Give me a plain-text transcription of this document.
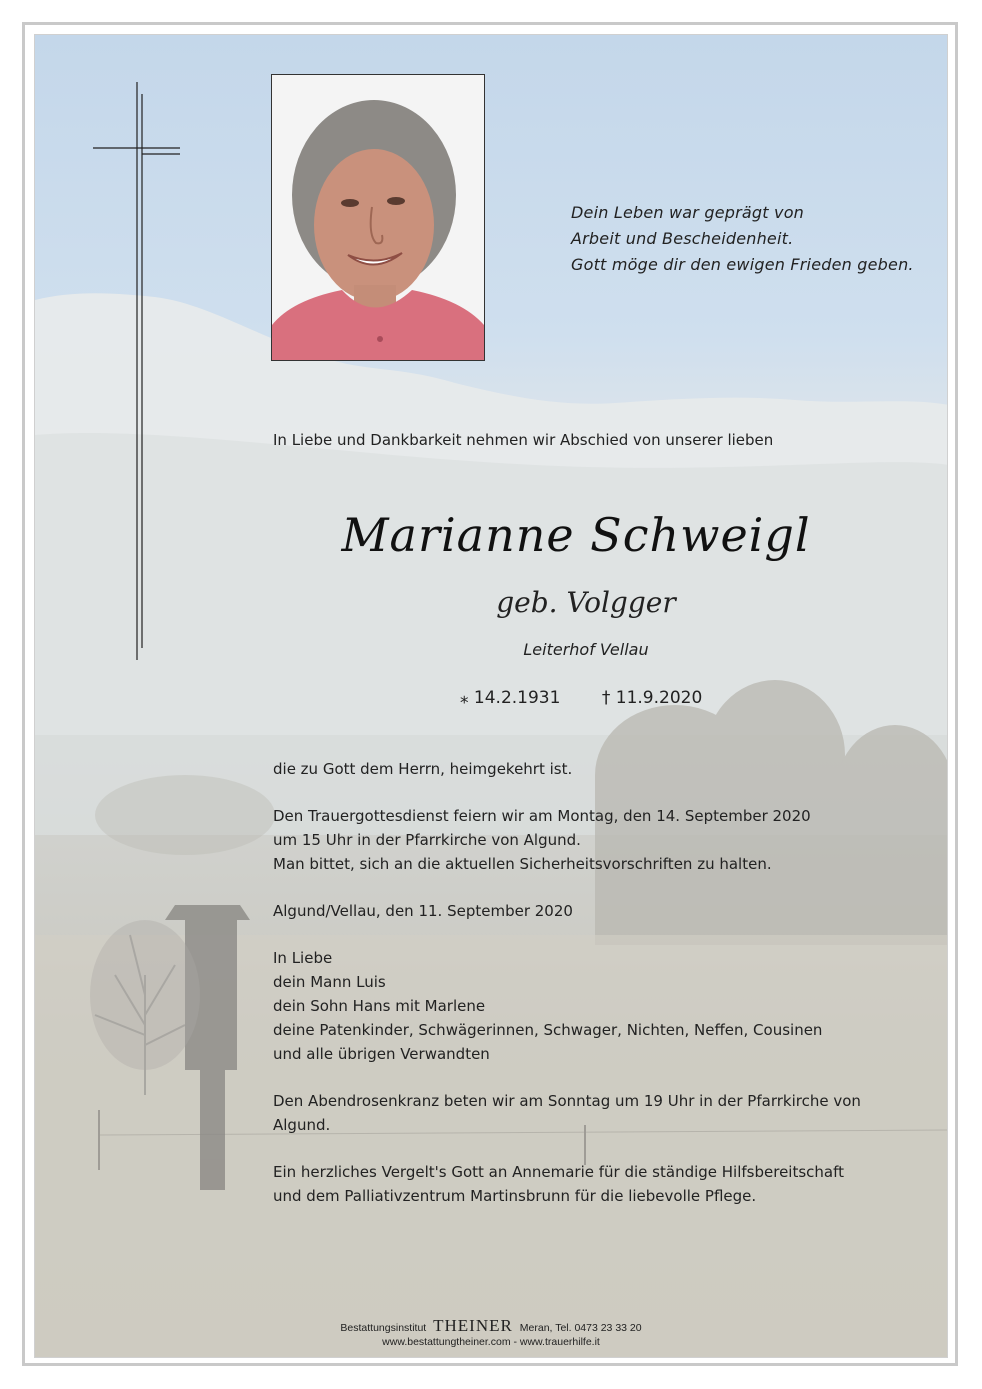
Dein Leben war geprägt von
Arbeit und Bescheidenheit.
Gott möge dir den ewigen Frieden geben.
In Liebe und Dankbarkeit nehmen wir Abschied von unserer lieben
Marianne Schweigl
geb. Volgger
Leiterhof Vellau
⁎ 14.2.1931 † 11.9.2020

die zu Gott dem Herrn, heimgekehrt ist.

Den Trauergottesdienst feiern wir am Montag, den 14. September 2020
um 15 Uhr in der Pfarrkirche von Algund.
Man bittet, sich an die aktuellen Sicherheitsvorschriften zu halten.

Algund/Vellau, den 11. September 2020

In Liebe
dein Mann Luis
dein Sohn Hans mit Marlene
deine Patenkinder, Schwägerinnen, Schwager, Nichten, Neffen, Cousinen
und alle übrigen Verwandten

Den Abendrosenkranz beten wir am Sonntag um 19 Uhr in der Pfarrkirche von
Algund.

Ein herzliches Vergelt's Gott an Annemarie für die ständige Hilfsbereitschaft
und dem Palliativzentrum Martinsbrunn für die liebevolle Pflege.

Bestattungsinstitut THEINER Meran, Tel. 0473 23 33 20
www.bestattungtheiner.com - www.trauerhilfe.it
